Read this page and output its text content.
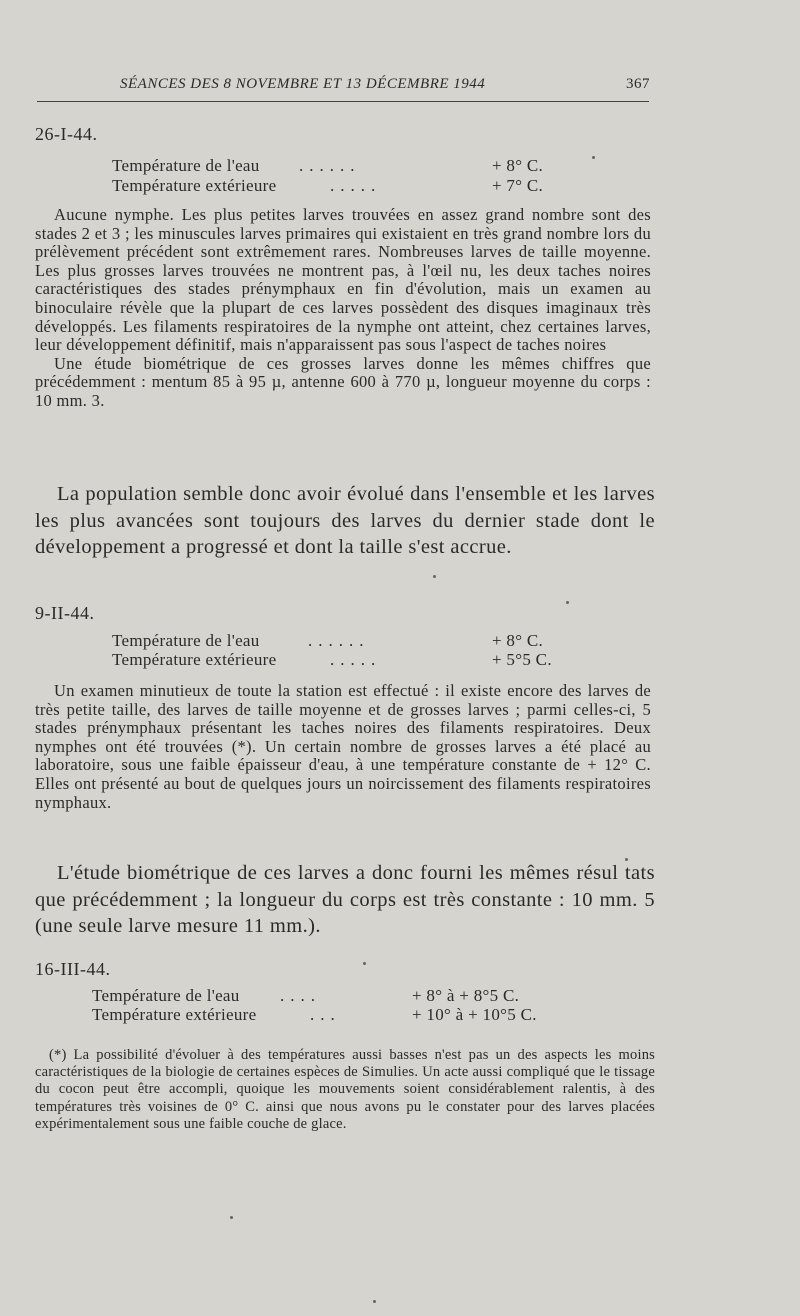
SÉANCES DES 8 NOVEMBRE ET 13 DÉCEMBRE 1944	367
26-I-44.
Température de l'eau ......	+ 8° C.
Température extérieure	.....	+ 7° C.

Aucune nymphe. Les plus petites larves trouvées en assez grand nombre sont des stades 2 et 3 ; les minuscules larves primaires qui existaient en très grand nombre lors du prélèvement précédent sont extrêmement rares. Nombreuses larves de taille moyenne. Les plus grosses larves trouvées ne montrent pas, à l'œil nu, les deux taches noires caractéristiques des stades prénymphaux en fin d'évolution, mais un examen au binoculaire révèle que la plupart de ces larves possèdent des disques imaginaux très développés. Les filaments respiratoires de la nymphe ont atteint, chez certaines larves, leur développement définitif, mais n'apparaissent pas sous l'aspect de taches noires

Une étude biométrique de ces grosses larves donne les mêmes chiffres que précédemment : mentum 85 à 95 µ, antenne 600 à 770 µ, longueur moyenne du corps : 10 mm. 3.

La population semble donc avoir évolué dans l'ensemble et les larves les plus avancées sont toujours des larves du dernier stade dont le développement a progressé et dont la taille s'est accrue.

9-II-44.
Température de l'eau	......	+ 8° C.
Température extérieure	.....	+ 5°5 C.

Un examen minutieux de toute la station est effectué : il existe encore des larves de très petite taille, des larves de taille moyenne et de grosses larves ; parmi celles-ci, 5 stades prénymphaux présentant les taches noires des filaments respiratoires. Deux nymphes ont été trouvées (*). Un certain nombre de grosses larves a été placé au laboratoire, sous une faible épaisseur d'eau, à une température constante de + 12° C. Elles ont présenté au bout de quelques jours un noircissement des filaments respiratoires nymphaux.

L'étude biométrique de ces larves a donc fourni les mêmes résul tats que précédemment ; la longueur du corps est très constante : 10 mm. 5 (une seule larve mesure 11 mm.).

16-III-44.
Température de l'eau ....	+ 8° à + 8°5 C.
Température extérieure	...	+ 10° à + 10°5 C.

(*) La possibilité d'évoluer à des températures aussi basses n'est pas un des aspects les moins caractéristiques de la biologie de certaines espèces de Simulies. Un acte aussi compliqué que le tissage du cocon peut être accompli, quoique les mouvements soient considérablement ralentis, à des températures très voisines de 0° C. ainsi que nous avons pu le constater pour des larves placées expérimentalement sous une faible couche de glace.
